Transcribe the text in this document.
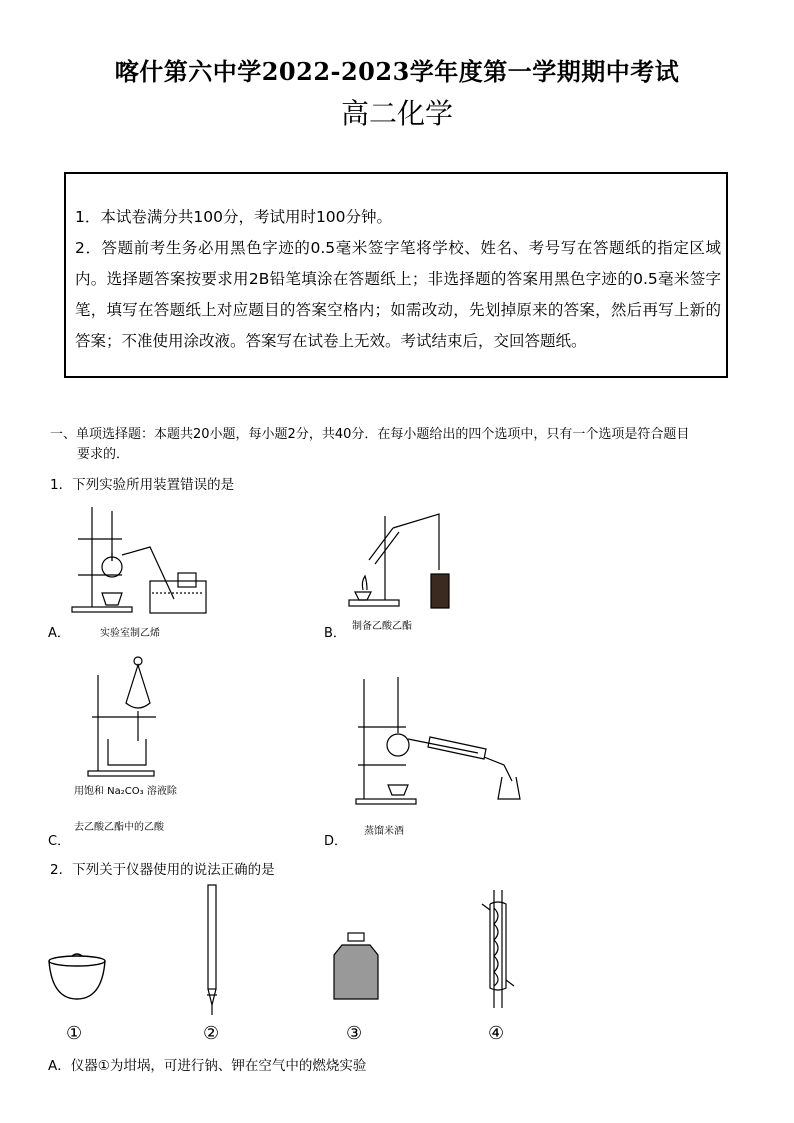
喀什第六中学2022-2023学年度第一学期期中考试
高二化学

1．本试卷满分共100分，考试用时100分钟。

2．答题前考生务必用黑色字迹的0.5毫米签字笔将学校、姓名、考号写在答题纸的指定区域内。选择题答案按要求用2B铅笔填涂在答题纸上；非选择题的答案用黑色字迹的0.5毫米签字笔，填写在答题纸上对应题目的答案空格内；如需改动，先划掉原来的答案，然后再写上新的答案；不准使用涂改液。答案写在试卷上无效。考试结束后，交回答题纸。

一、单项选择题：本题共20小题，每小题2分，共40分．在每小题给出的四个选项中，只有一个选项是符合题目
要求的．
1．下列实验所用装置错误的是
A．	实验室制乙烯	B． 制备乙酸乙酯
用饱和 Na₂CO₃ 溶液除
去乙酸乙酯中的乙酸
C．	D．
蒸馏米酒
2．下列关于仪器使用的说法正确的是
①	②	③	④
A．仪器①为坩埚，可进行钠、钾在空气中的燃烧实验
